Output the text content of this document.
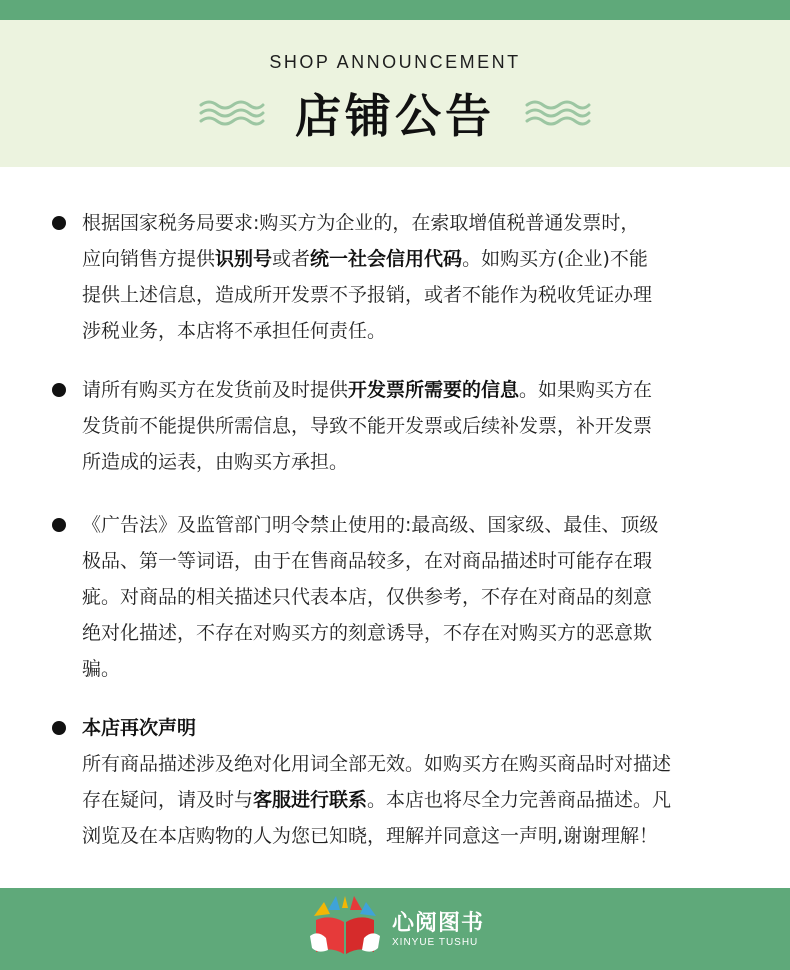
SHOP ANNOUNCEMENT
店铺公告
根据国家税务局要求:购买方为企业的，在索取增值税普通发票时，
应向销售方提供识别号或者统一社会信用代码。如购买方(企业)不能
提供上述信息，造成所开发票不予报销，或者不能作为税收凭证办理
涉税业务，本店将不承担任何责任。
请所有购买方在发货前及时提供开发票所需要的信息。如果购买方在
发货前不能提供所需信息，导致不能开发票或后续补发票，补开发票
所造成的运表，由购买方承担。
《广告法》及监管部门明令禁止使用的:最高级、国家级、最佳、顶级
极品、第一等词语，由于在售商品较多，在对商品描述时可能存在瑕
疵。对商品的相关描述只代表本店，仅供参考，不存在对商品的刻意
绝对化描述，不存在对购买方的刻意诱导，不存在对购买方的恶意欺
骗。
本店再次声明
所有商品描述涉及绝对化用词全部无效。如购买方在购买商品时对描述
存在疑问，请及时与客服进行联系。本店也将尽全力完善商品描述。凡
浏览及在本店购物的人为您已知晓，理解并同意这一声明,谢谢理解！
心阅图书
XINYUE TUSHU
